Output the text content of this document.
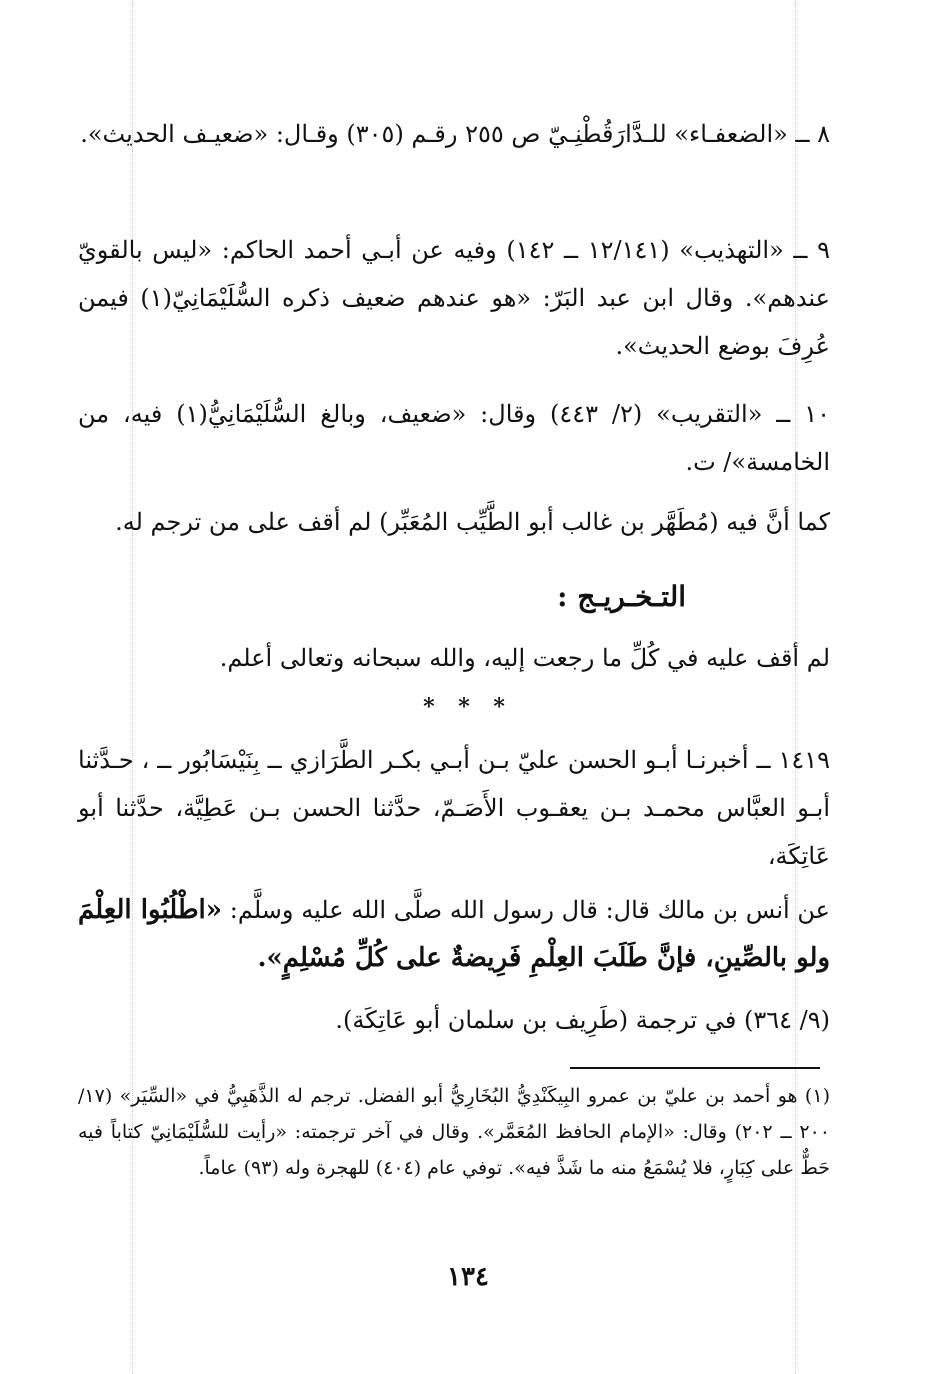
٨ ــ «الضعفـاء» للـدَّارَقُطْنِـيّ ص ٢٥٥ رقـم (٣٠٥) وقـال: «ضعيـف الحديث».

٩ ــ «التهذيب» (١٢/١٤١ ــ ١٤٢) وفيه عن أبـي أحمد الحاكم: «ليس بالقويّ عندهم». وقال ابن عبد البَرّ: «هو عندهم ضعيف ذكره السُّلَيْمَانِيّ(١) فيمن عُرِفَ بوضع الحديث».

١٠ ــ «التقريب» (٢/ ٤٤٣) وقال: «ضعيف، وبالغ السُّلَيْمَانِيُّ(١) فيه، من الخامسة»/ ت.

كما أنَّ فيه (مُطَهَّر بن غالب أبو الطَّيِّب المُعَبِّر) لم أقف على من ترجم له.

التـخـريـج :

لم أقف عليه في كُلِّ ما رجعت إليه، والله سبحانه وتعالى أعلم.

* * *

١٤١٩ ــ أخبرنـا أبـو الحسن عليّ بـن أبـي بكـر الطَّرَازي ــ بِنَيْسَابُور ــ ، حـدَّثنا أبـو العبَّاس محمـد بـن يعقـوب الأَصَـمّ، حدَّثنا الحسن بـن عَطِيَّة، حدَّثنا أبو عَاتِكَة،

عن أنس بن مالك قال: قال رسول الله صلَّى الله عليه وسلَّم: «اطْلُبُوا العِلْمَ ولو بالصِّينِ، فإنَّ طَلَبَ العِلْمِ فَرِيضةٌ على كُلِّ مُسْلِمٍ».

(٩/ ٣٦٤) في ترجمة (طَرِيف بن سلمان أبو عَاتِكَة).

(١) هو أحمد بن عليّ بن عمرو البِيكَنْدِيُّ البُخَارِيُّ أبو الفضل. ترجم له الذَّهَبِيُّ في «السِّيَر» (١٧/ ٢٠٠ ــ ٢٠٢) وقال: «الإمام الحافظ المُعَمَّر». وقال في آخر ترجمته: «رأيت للسُّلَيْمَانِيّ كتاباً فيه حَطٌّ على كِبَارٍ، فلا يُسْمَعُ منه ما شَذَّ فيه». توفي عام (٤٠٤) للهجرة وله (٩٣) عاماً.

١٣٤
